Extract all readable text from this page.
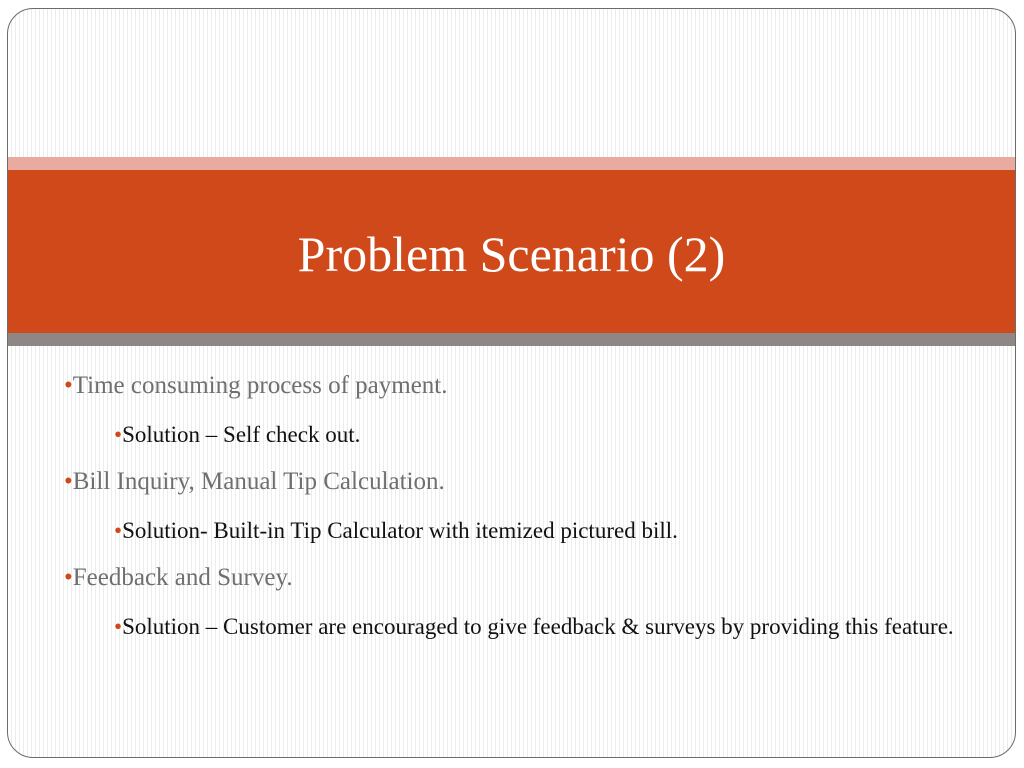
Problem Scenario (2)
•Time consuming process of payment.
•Solution – Self check out.
•Bill Inquiry, Manual Tip Calculation.
•Solution- Built-in Tip Calculator with itemized pictured bill.
•Feedback and Survey.
•Solution – Customer are encouraged to give feedback & surveys by providing this feature.
